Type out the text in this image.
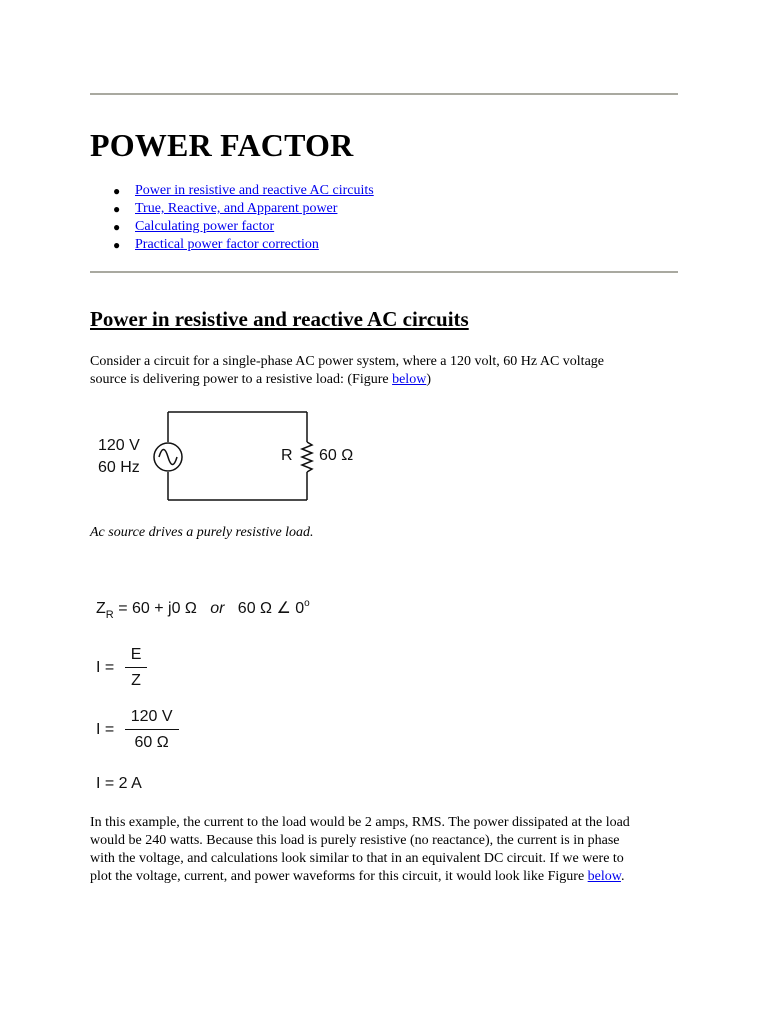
POWER FACTOR
● Power in resistive and reactive AC circuits
● True, Reactive, and Apparent power
● Calculating power factor
● Practical power factor correction
Power in resistive and reactive AC circuits

Consider a circuit for a single-phase AC power system, where a 120 volt, 60 Hz AC voltage
source is delivering power to a resistive load: (Figure below)

120 V
60 Hz
R 60 Ω

Ac source drives a purely resistive load.

$Z_R = 60 + j0$ Ω or 60 Ω ∠ 0$^o$
$I = \frac{E}{Z}$
$I = \frac{120 V}{60 \Omega}$
I = 2 A

In this example, the current to the load would be 2 amps, RMS. The power dissipated at the load
would be 240 watts. Because this load is purely resistive (no reactance), the current is in phase
with the voltage, and calculations look similar to that in an equivalent DC circuit. If we were to
plot the voltage, current, and power waveforms for this circuit, it would look like Figure below.
